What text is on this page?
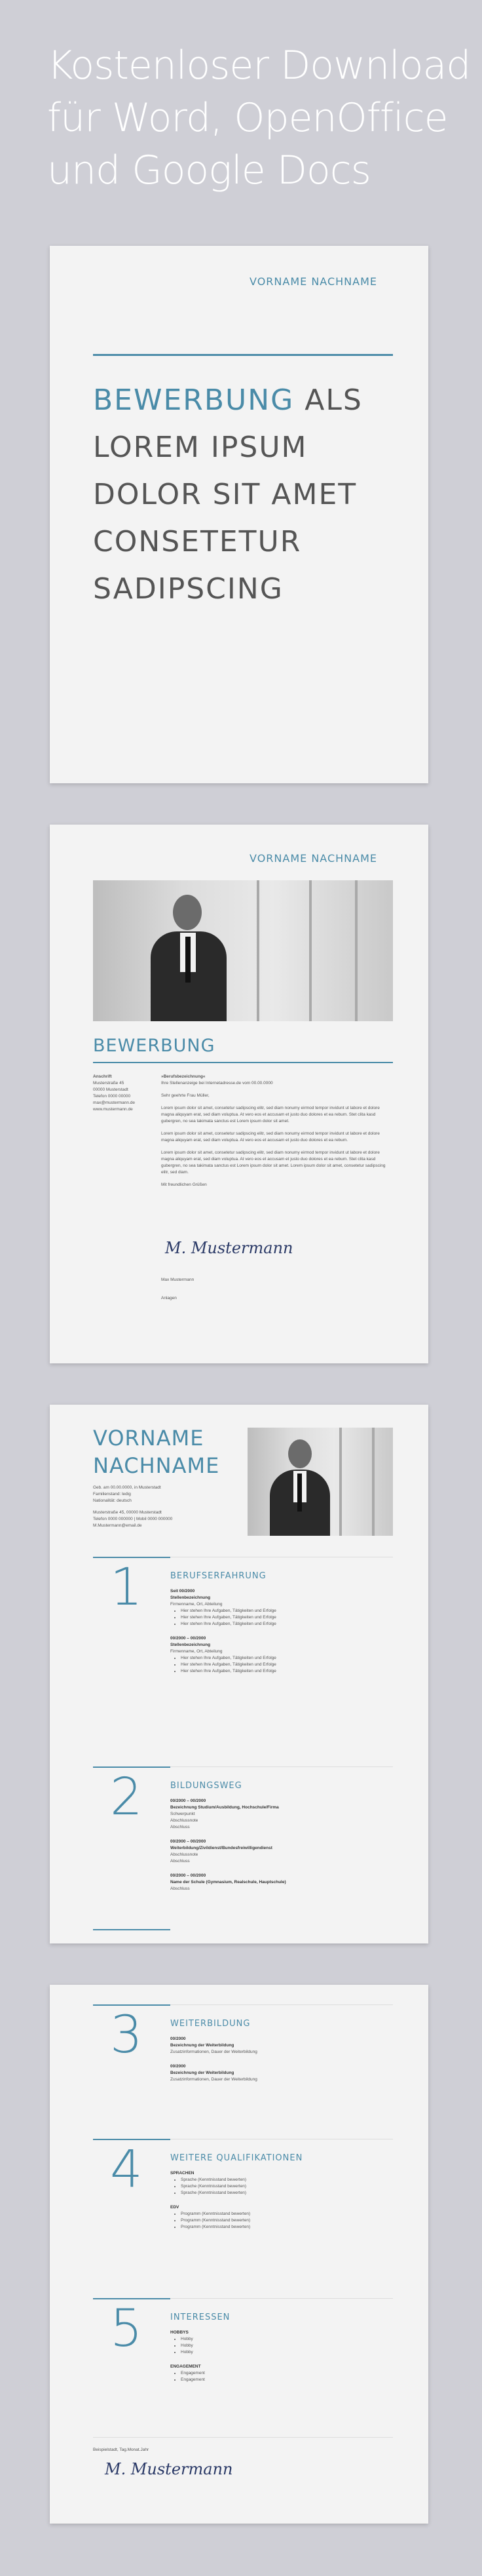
Kostenloser Download
für Word, OpenOffice
und Google Docs
VORNAME NACHNAME
BEWERBUNG ALS
LOREM IPSUM
DOLOR SIT AMET
CONSETETUR
SADIPSCING
VORNAME NACHNAME
BEWERBUNG
Anschrift
Musterstraße 45
00000 Musterstadt
Telefon 0000 00000
max@mustermann.de
www.mustermann.de

»Berufsbezeichnung«
Ihre Stellenanzeige bei Internetadresse.de vom 00.00.0000

Sehr geehrte Frau Müller,

Lorem ipsum dolor sit amet, consetetur sadipscing elitr, sed diam nonumy eirmod tempor invidunt ut labore et dolore magna aliquyam erat, sed diam voluptua. At vero eos et accusam et justo duo dolores et ea rebum. Stet clita kasd gubergren, no sea takimata sanctus est Lorem ipsum dolor sit amet.

Lorem ipsum dolor sit amet, consetetur sadipscing elitr, sed diam nonumy eirmod tempor invidunt ut labore et dolore magna aliquyam erat, sed diam voluptua. At vero eos et accusam et justo duo dolores et ea rebum.

Lorem ipsum dolor sit amet, consetetur sadipscing elitr, sed diam nonumy eirmod tempor invidunt ut labore et dolore magna aliquyam erat, sed diam voluptua. At vero eos et accusam et justo duo dolores et ea rebum. Stet clita kasd gubergren, no sea takimata sanctus est Lorem ipsum dolor sit amet. Lorem ipsum dolor sit amet, consetetur sadipscing elitr, sed diam.

Mit freundlichen Grüßen

M. Mustermann
Max Mustermann
Anlagen
VORNAME
NACHNAME

Geb. am 00.00.0000, in Musterstadt
Familienstand: ledig
Nationalität: deutsch

Musterstraße 45, 00000 Musterstadt
Telefon 0000 000000 | Mobil 0000 000000
M.Mustermann@email.de

1	BERUFSERFAHRUNG
Seit 00/2000
Stellenbezeichnung
Firmenname, Ort, Abteilung
• Hier stehen Ihre Aufgaben, Tätigkeiten und Erfolge
• Hier stehen Ihre Aufgaben, Tätigkeiten und Erfolge
• Hier stehen Ihre Aufgaben, Tätigkeiten und Erfolge
00/2000 – 00/2000
Stellenbezeichnung
Firmenname, Ort, Abteilung
• Hier stehen Ihre Aufgaben, Tätigkeiten und Erfolge
• Hier stehen Ihre Aufgaben, Tätigkeiten und Erfolge
• Hier stehen Ihre Aufgaben, Tätigkeiten und Erfolge
2	BILDUNGSWEG
00/2000 – 00/2000
Bezeichnung Studium/Ausbildung, Hochschule/Firma
Schwerpunkt
Abschlussnote
Abschluss
00/2000 – 00/2000
Weiterbildung/Zivildienst/Bundesfreiwilligendienst
Abschlussnote
Abschluss
00/2000 – 00/2000
Name der Schule (Gymnasium, Realschule, Hauptschule)
Abschluss
3	WEITERBILDUNG
00/2000
Bezeichnung der Weiterbildung
Zusatzinformationen, Dauer der Weiterbildung
00/2000
Bezeichnung der Weiterbildung
Zusatzinformationen, Dauer der Weiterbildung
4	WEITERE QUALIFIKATIONEN
SPRACHEN
• Sprache (Kenntnisstand bewerten)
• Sprache (Kenntnisstand bewerten)
• Sprache (Kenntnisstand bewerten)
EDV
• Programm (Kenntnisstand bewerten)
• Programm (Kenntnisstand bewerten)
• Programm (Kenntnisstand bewerten)
5	INTERESSEN
HOBBYS
• Hobby
• Hobby
• Hobby
ENGAGEMENT
• Engagement
• Engagement
Beispielstadt, Tag.Monat.Jahr
M. Mustermann
